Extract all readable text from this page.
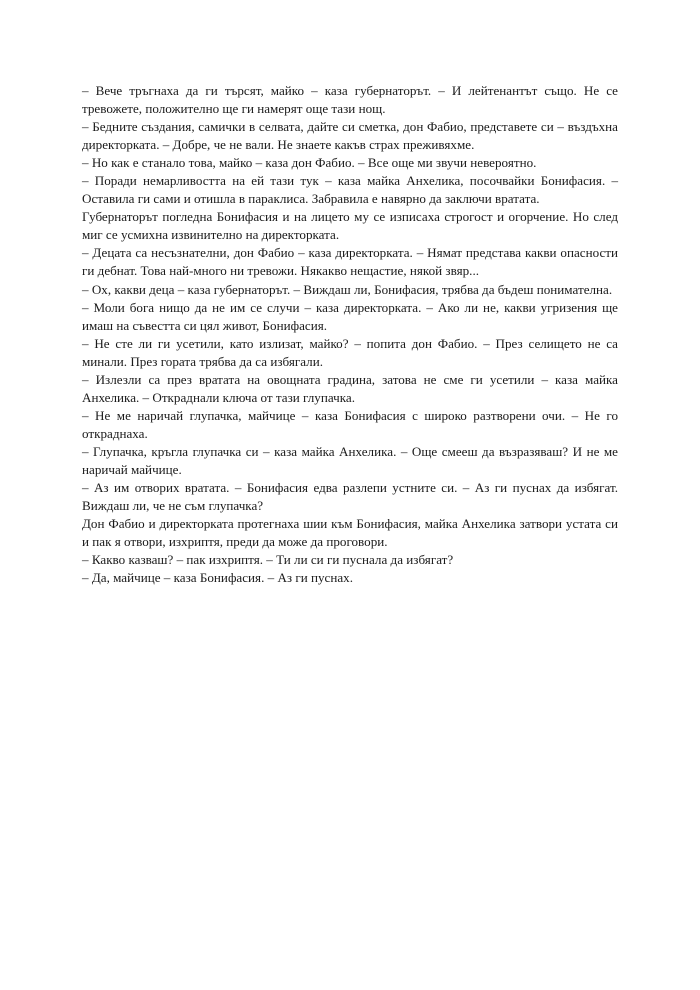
– Вече тръгнаха да ги търсят, майко – каза губернаторът. – И лейтенантът също. Не се тревожете, положително ще ги намерят още тази нощ.

– Бедните създания, самички в селвата, дайте си сметка, дон Фабио, представете си – въздъхна директорката. – Добре, че не вали. Не знаете какъв страх преживяхме.

– Но как е станало това, майко – каза дон Фабио. – Все още ми звучи невероятно.

– Поради немарливостта на ей тази тук – каза майка Анхелика, посочвайки Бонифасия. – Оставила ги сами и отишла в параклиса. Забравила е навярно да заключи вратата.

Губернаторът погледна Бонифасия и на лицето му се изписаха строгост и огорчение. Но след миг се усмихна извинително на директорката.

– Децата са несъзнателни, дон Фабио – каза директорката. – Нямат представа какви опасности ги дебнат. Това най-много ни тревожи. Някакво нещастие, някой звяр...

– Ох, какви деца – каза губернаторът. – Виждаш ли, Бонифасия, трябва да бъдеш понимателна.

– Моли бога нищо да не им се случи – каза директорката. – Ако ли не, какви угризения ще имаш на съвестта си цял живот, Бонифасия.

– Не сте ли ги усетили, като излизат, майко? – попита дон Фабио. – През селището не са минали. През гората трябва да са избягали.

– Излезли са през вратата на овощната градина, затова не сме ги усетили – каза майка Анхелика. – Откраднали ключа от тази глупачка.

– Не ме наричай глупачка, майчице – каза Бонифасия с широко разтворени очи. – Не го откраднаха.

– Глупачка, кръгла глупачка си – каза майка Анхелика. – Още смееш да възразяваш? И не ме наричай майчице.

– Аз им отворих вратата. – Бонифасия едва разлепи устните си. – Аз ги пуснах да избягат. Виждаш ли, че не съм глупачка?

Дон Фабио и директорката протегнаха шии към Бонифасия, майка Анхелика затвори устата си и пак я отвори, изхриптя, преди да може да проговори.

– Какво казваш? – пак изхриптя. – Ти ли си ги пуснала да избягат?

– Да, майчице – каза Бонифасия. – Аз ги пуснах.
